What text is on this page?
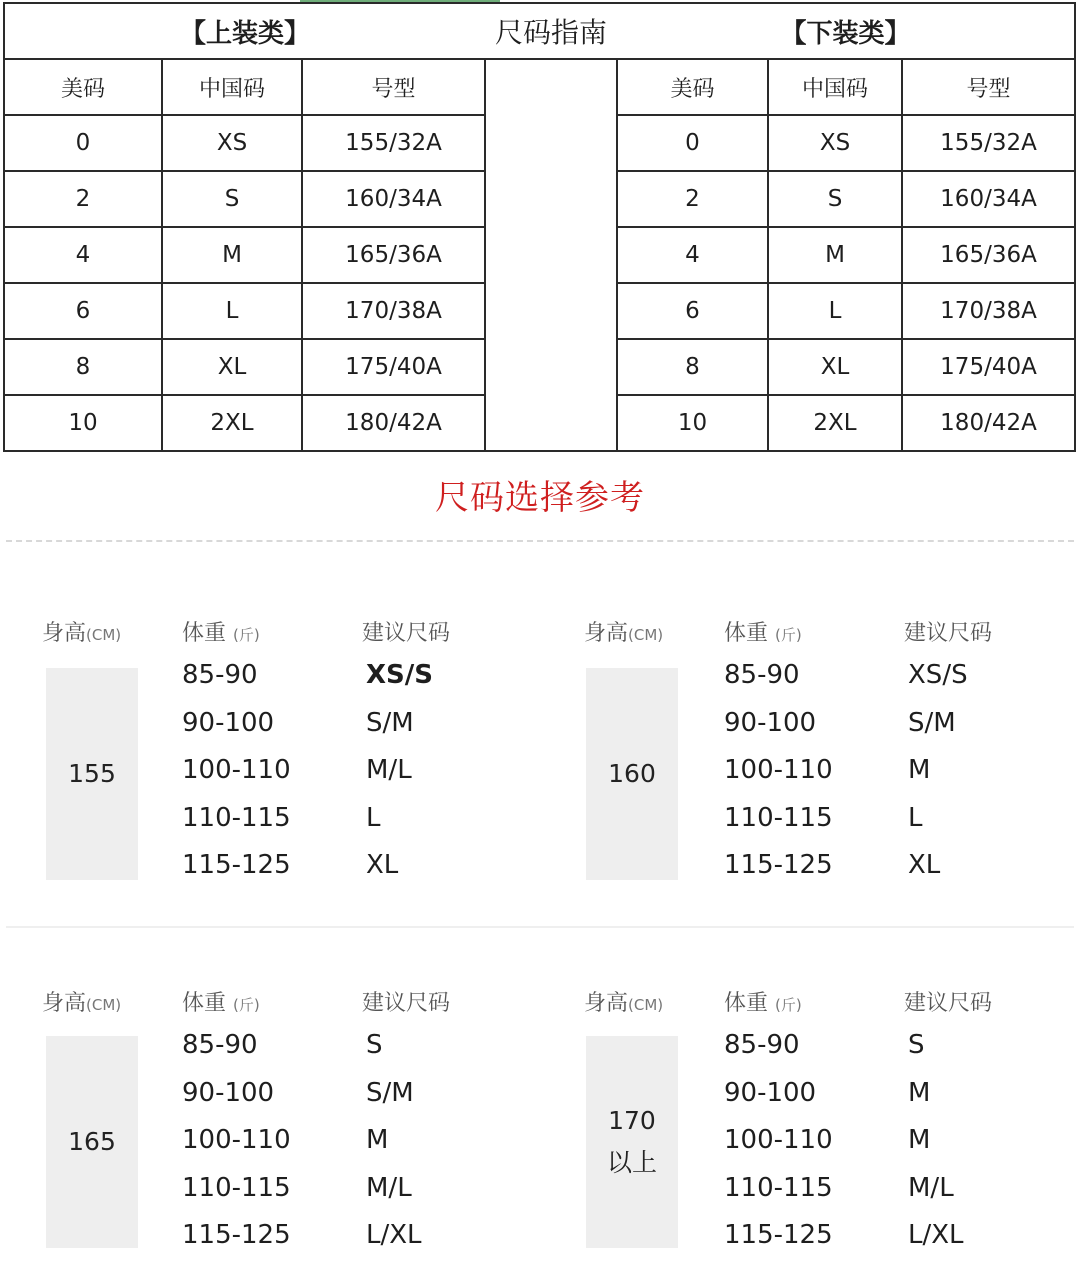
【上装类】			尺码指南	【下装类】		
美码	中国码	号型		美码	中国码	号型
0	XS	155/32A		0	XS	155/32A
2	S	160/34A		2	S	160/34A
4	M	165/36A		4	M	165/36A
6	L	170/38A		6	L	170/38A
8	XL	175/40A		8	XL	175/40A
10	2XL	180/42A		10	2XL	180/42A
尺码选择参考
身高(CM)	体重 (斤)	建议尺码
155
85-90	XS/S
90-100	S/M
100-110	M/L
110-115	L
115-125	XL
身高(CM)	体重 (斤)	建议尺码
160
85-90	XS/S
90-100	S/M
100-110	M
110-115	L
115-125	XL
身高(CM)	体重 (斤)	建议尺码
165
85-90	S
90-100	S/M
100-110	M
110-115	M/L
115-125	L/XL
身高(CM)	体重 (斤)	建议尺码
170
以上
85-90	S
90-100	M
100-110	M
110-115	M/L
115-125	L/XL
